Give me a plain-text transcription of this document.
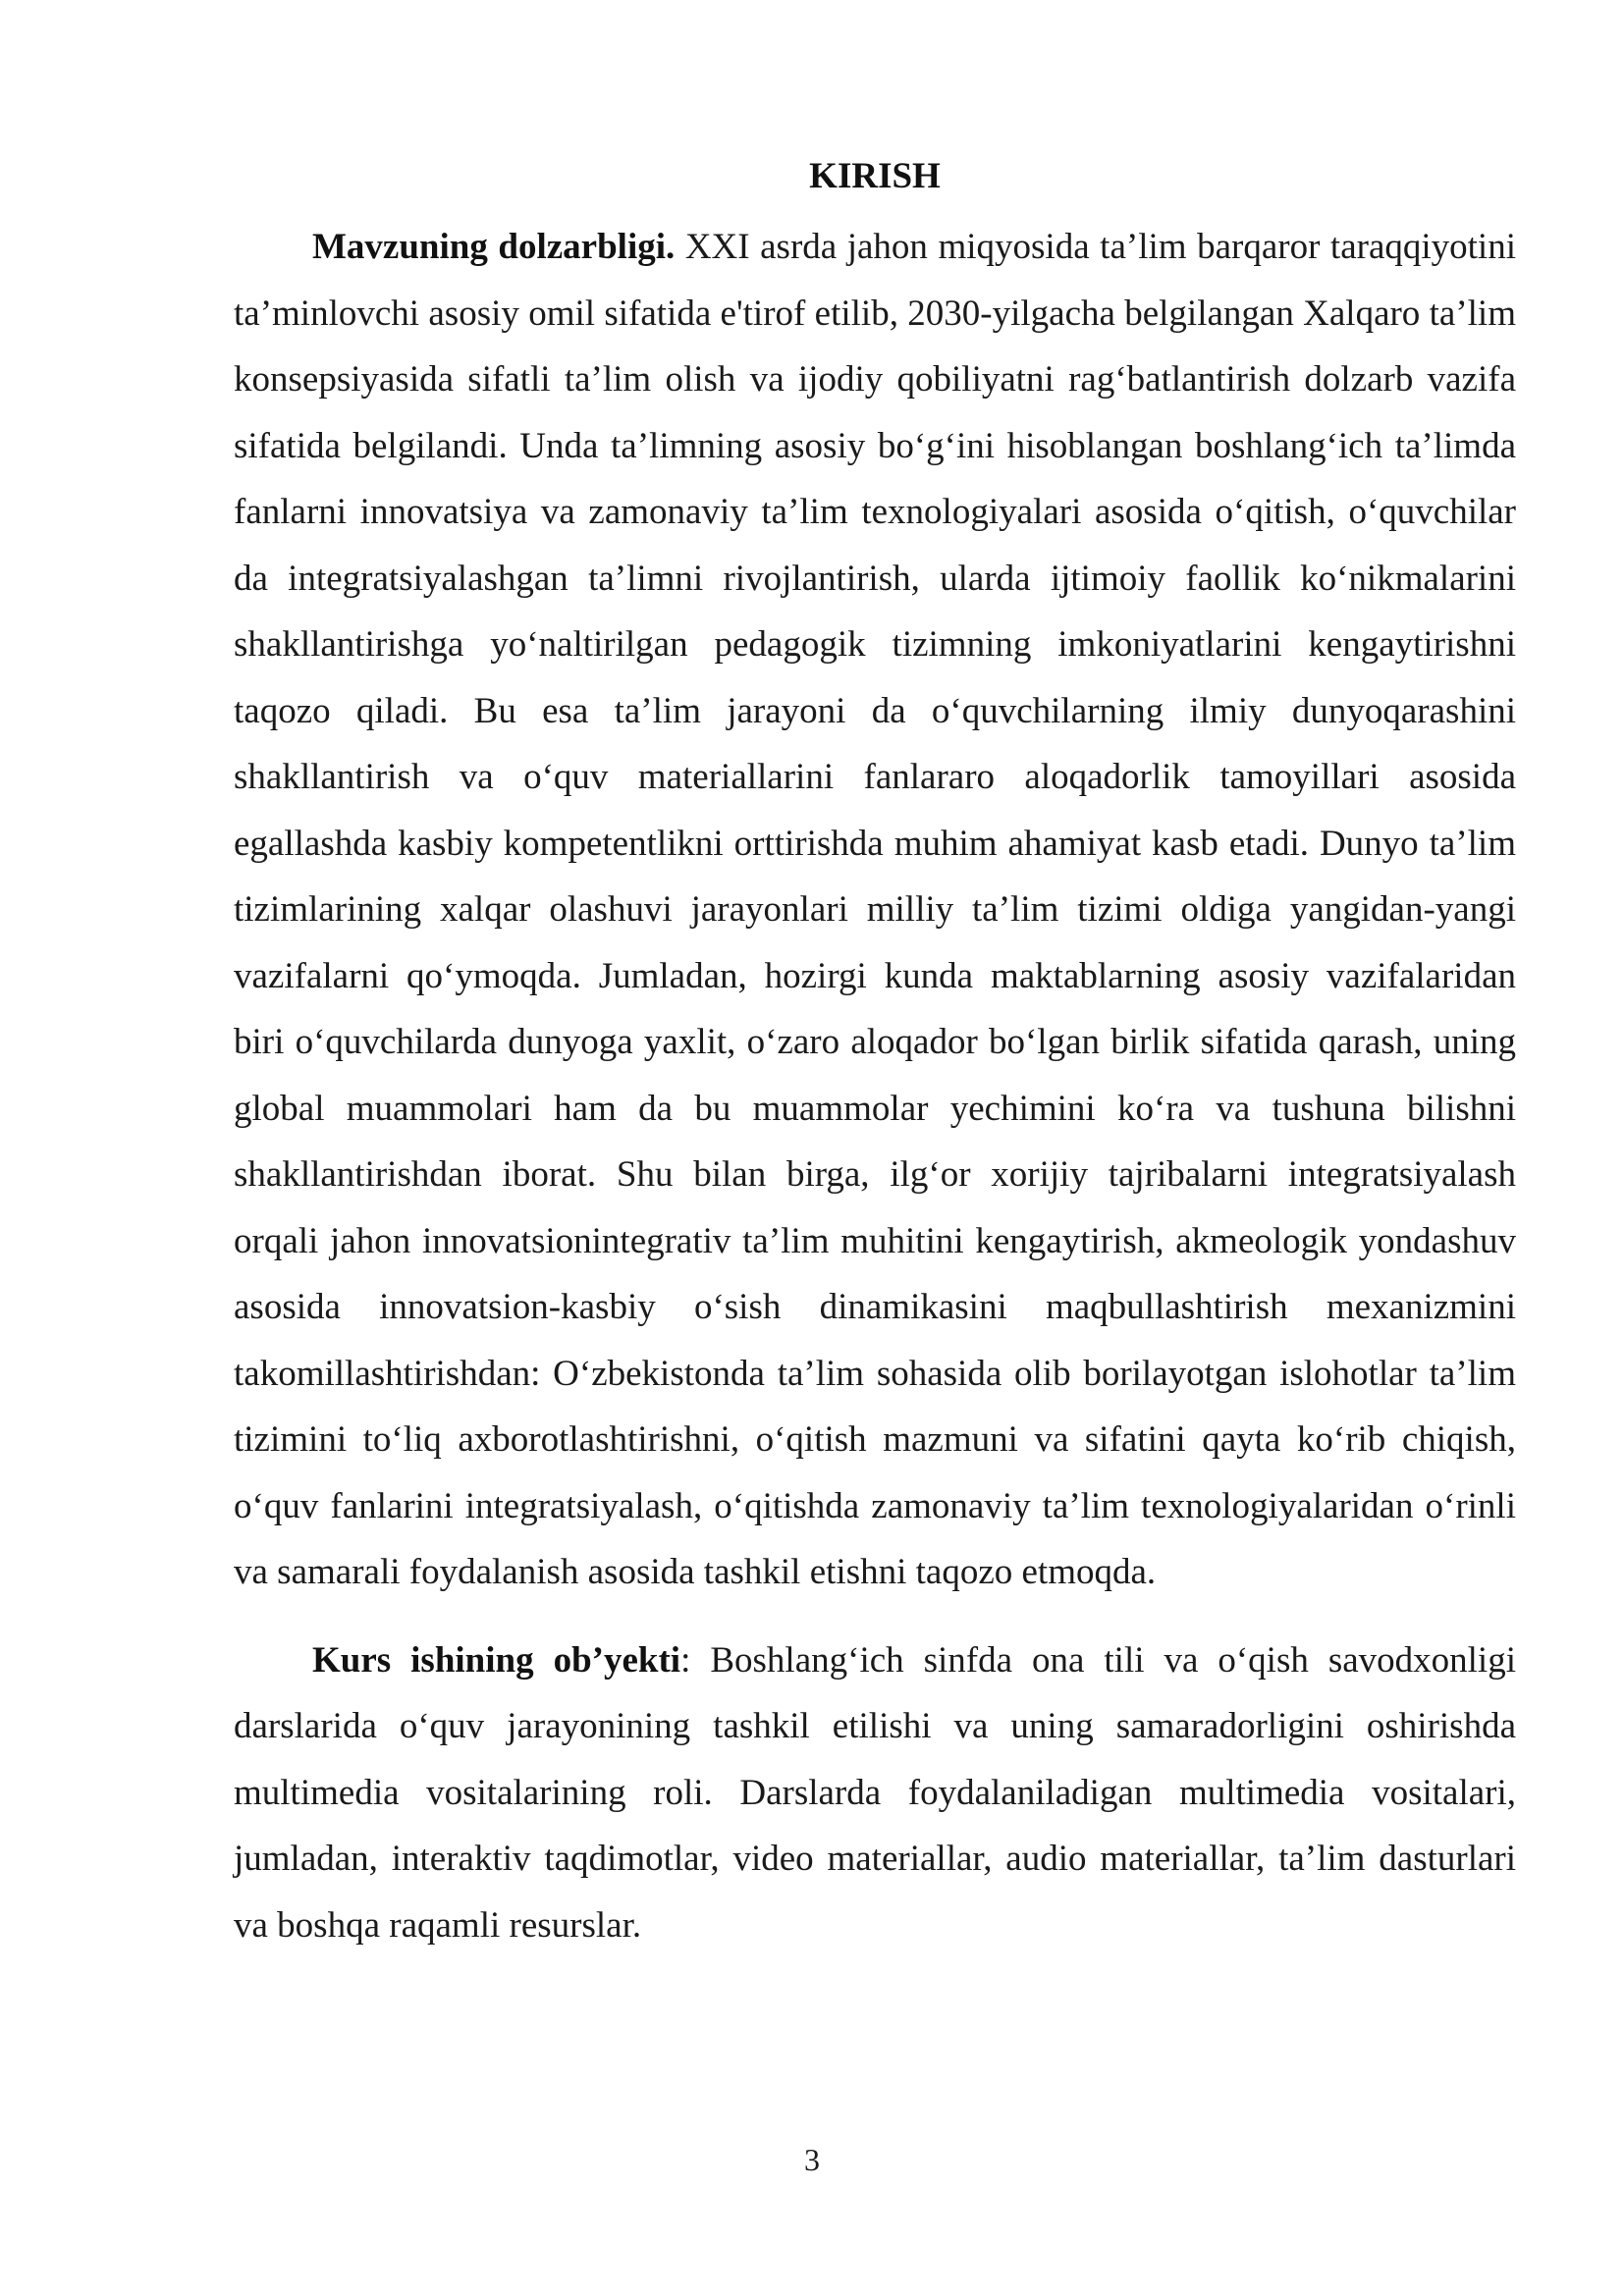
KIRISH

Mavzuning dolzarbligi. XXI asrda jahon miqyosida ta’lim barqaror taraqqiyotini ta’minlovchi asosiy omil sifatida e'tirof etilib, 2030-yilgacha belgilangan Xalqaro ta’lim konsepsiyasida sifatli ta’lim olish va ijodiy qobiliyatni rag‘batlantirish dolzarb vazifa sifatida belgilandi. Unda ta’limning asosiy bo‘g‘ini hisoblangan boshlang‘ich ta’limda fanlarni innovatsiya va zamonaviy ta’lim texnologiyalari asosida o‘qitish, o‘quvchilar da integratsiyalashgan ta’limni rivojlantirish, ularda ijtimoiy faollik ko‘nikmalarini shakllantirishga yo‘naltirilgan pedagogik tizimning imkoniyatlarini kengaytirishni taqozo qiladi. Bu esa ta’lim jarayoni da o‘quvchilarning ilmiy dunyoqarashini shakllantirish va o‘quv materiallarini fanlararo aloqadorlik tamoyillari asosida egallashda kasbiy kompetentlikni orttirishda muhim ahamiyat kasb etadi. Dunyo ta’lim tizimlarining xalqar olashuvi jarayonlari milliy ta’lim tizimi oldiga yangidan-yangi vazifalarni qo‘ymoqda. Jumladan, hozirgi kunda maktablarning asosiy vazifalaridan biri o‘quvchilarda dunyoga yaxlit, o‘zaro aloqador bo‘lgan birlik sifatida qarash, uning global muammolari ham da bu muammolar yechimini ko‘ra va tushuna bilishni shakllantirishdan iborat. Shu bilan birga, ilg‘or xorijiy tajribalarni integratsiyalash orqali jahon innovatsionintegrativ ta’lim muhitini kengaytirish, akmeologik yondashuv asosida innovatsion-kasbiy o‘sish dinamikasini maqbullashtirish mexanizmini takomillashtirishdan: O‘zbekistonda ta’lim sohasida olib borilayotgan islohotlar ta’lim tizimini to‘liq axborotlashtirishni, o‘qitish mazmuni va sifatini qayta ko‘rib chiqish, o‘quv fanlarini integratsiyalash, o‘qitishda zamonaviy ta’lim texnologiyalaridan o‘rinli va samarali foydalanish asosida tashkil etishni taqozo etmoqda.

Kurs ishining ob’yekti: Boshlang‘ich sinfda ona tili va o‘qish savodxonligi darslarida o‘quv jarayonining tashkil etilishi va uning samaradorligini oshirishda multimedia vositalarining roli. Darslarda foydalaniladigan multimedia vositalari, jumladan, interaktiv taqdimotlar, video materiallar, audio materiallar, ta’lim dasturlari va boshqa raqamli resurslar.

3
